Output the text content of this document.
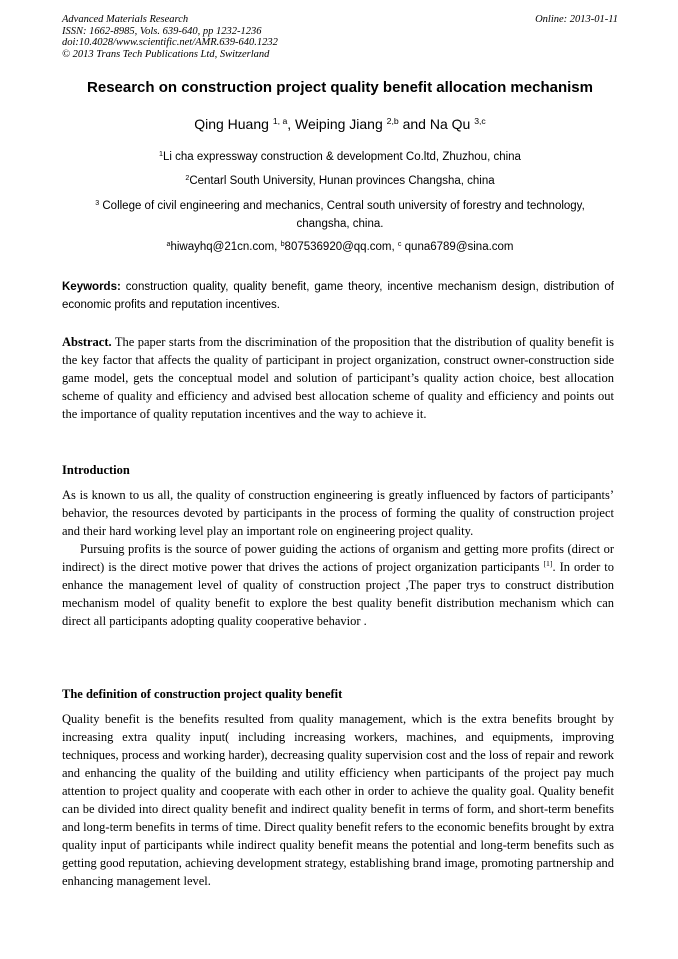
Advanced Materials Research
ISSN: 1662-8985, Vols. 639-640, pp 1232-1236
doi:10.4028/www.scientific.net/AMR.639-640.1232
© 2013 Trans Tech Publications Ltd, Switzerland
Online: 2013-01-11
Research on construction project quality benefit allocation mechanism
Qing Huang $^{1, a}$, Weiping Jiang $^{2,b}$ and Na Qu $^{3,c}$
$^1$Li cha expressway construction & development Co.ltd, Zhuzhou, china
$^2$Centarl South University, Hunan provinces Changsha, china
$^3$ College of civil engineering and mechanics, Central south university of forestry and technology, changsha, china.
$^a$hiwayhq@21cn.com, $^b$807536920@qq.com, $^c$ quna6789@sina.com
Keywords: construction quality, quality benefit, game theory, incentive mechanism design, distribution of economic profits and reputation incentives.
Abstract. The paper starts from the discrimination of the proposition that the distribution of quality benefit is the key factor that affects the quality of participant in project organization, construct owner-construction side game model, gets the conceptual model and solution of participant’s quality action choice, best allocation scheme of quality and efficiency and advised best allocation scheme of quality and efficiency and points out the importance of quality reputation incentives and the way to achieve it.
Introduction
As is known to us all, the quality of construction engineering is greatly influenced by factors of participants’ behavior, the resources devoted by participants in the process of forming the quality of construction project and their hard working level play an important role on engineering project quality.
Pursuing profits is the source of power guiding the actions of organism and getting more profits (direct or indirect) is the direct motive power that drives the actions of project organization participants [1]. In order to enhance the management level of quality of construction project ,The paper trys to construct distribution mechanism model of quality benefit to explore the best quality benefit distribution mechanism which can direct all participants adopting quality cooperative behavior .
The definition of construction project quality benefit
Quality benefit is the benefits resulted from quality management, which is the extra benefits brought by increasing extra quality input( including increasing workers, machines, and equipments, improving techniques, process and working harder), decreasing quality supervision cost and the loss of repair and rework and enhancing the quality of the building and utility efficiency when participants of the project pay much attention to project quality and cooperate with each other in order to achieve the quality goal. Quality benefit can be divided into direct quality benefit and indirect quality benefit in terms of form, and short-term benefits and long-term benefits in terms of time. Direct quality benefit refers to the economic benefits brought by extra quality input of participants while indirect quality benefit means the potential and long-term benefits such as getting good reputation, achieving development strategy, establishing brand image, promoting partnership and enhancing management level.
